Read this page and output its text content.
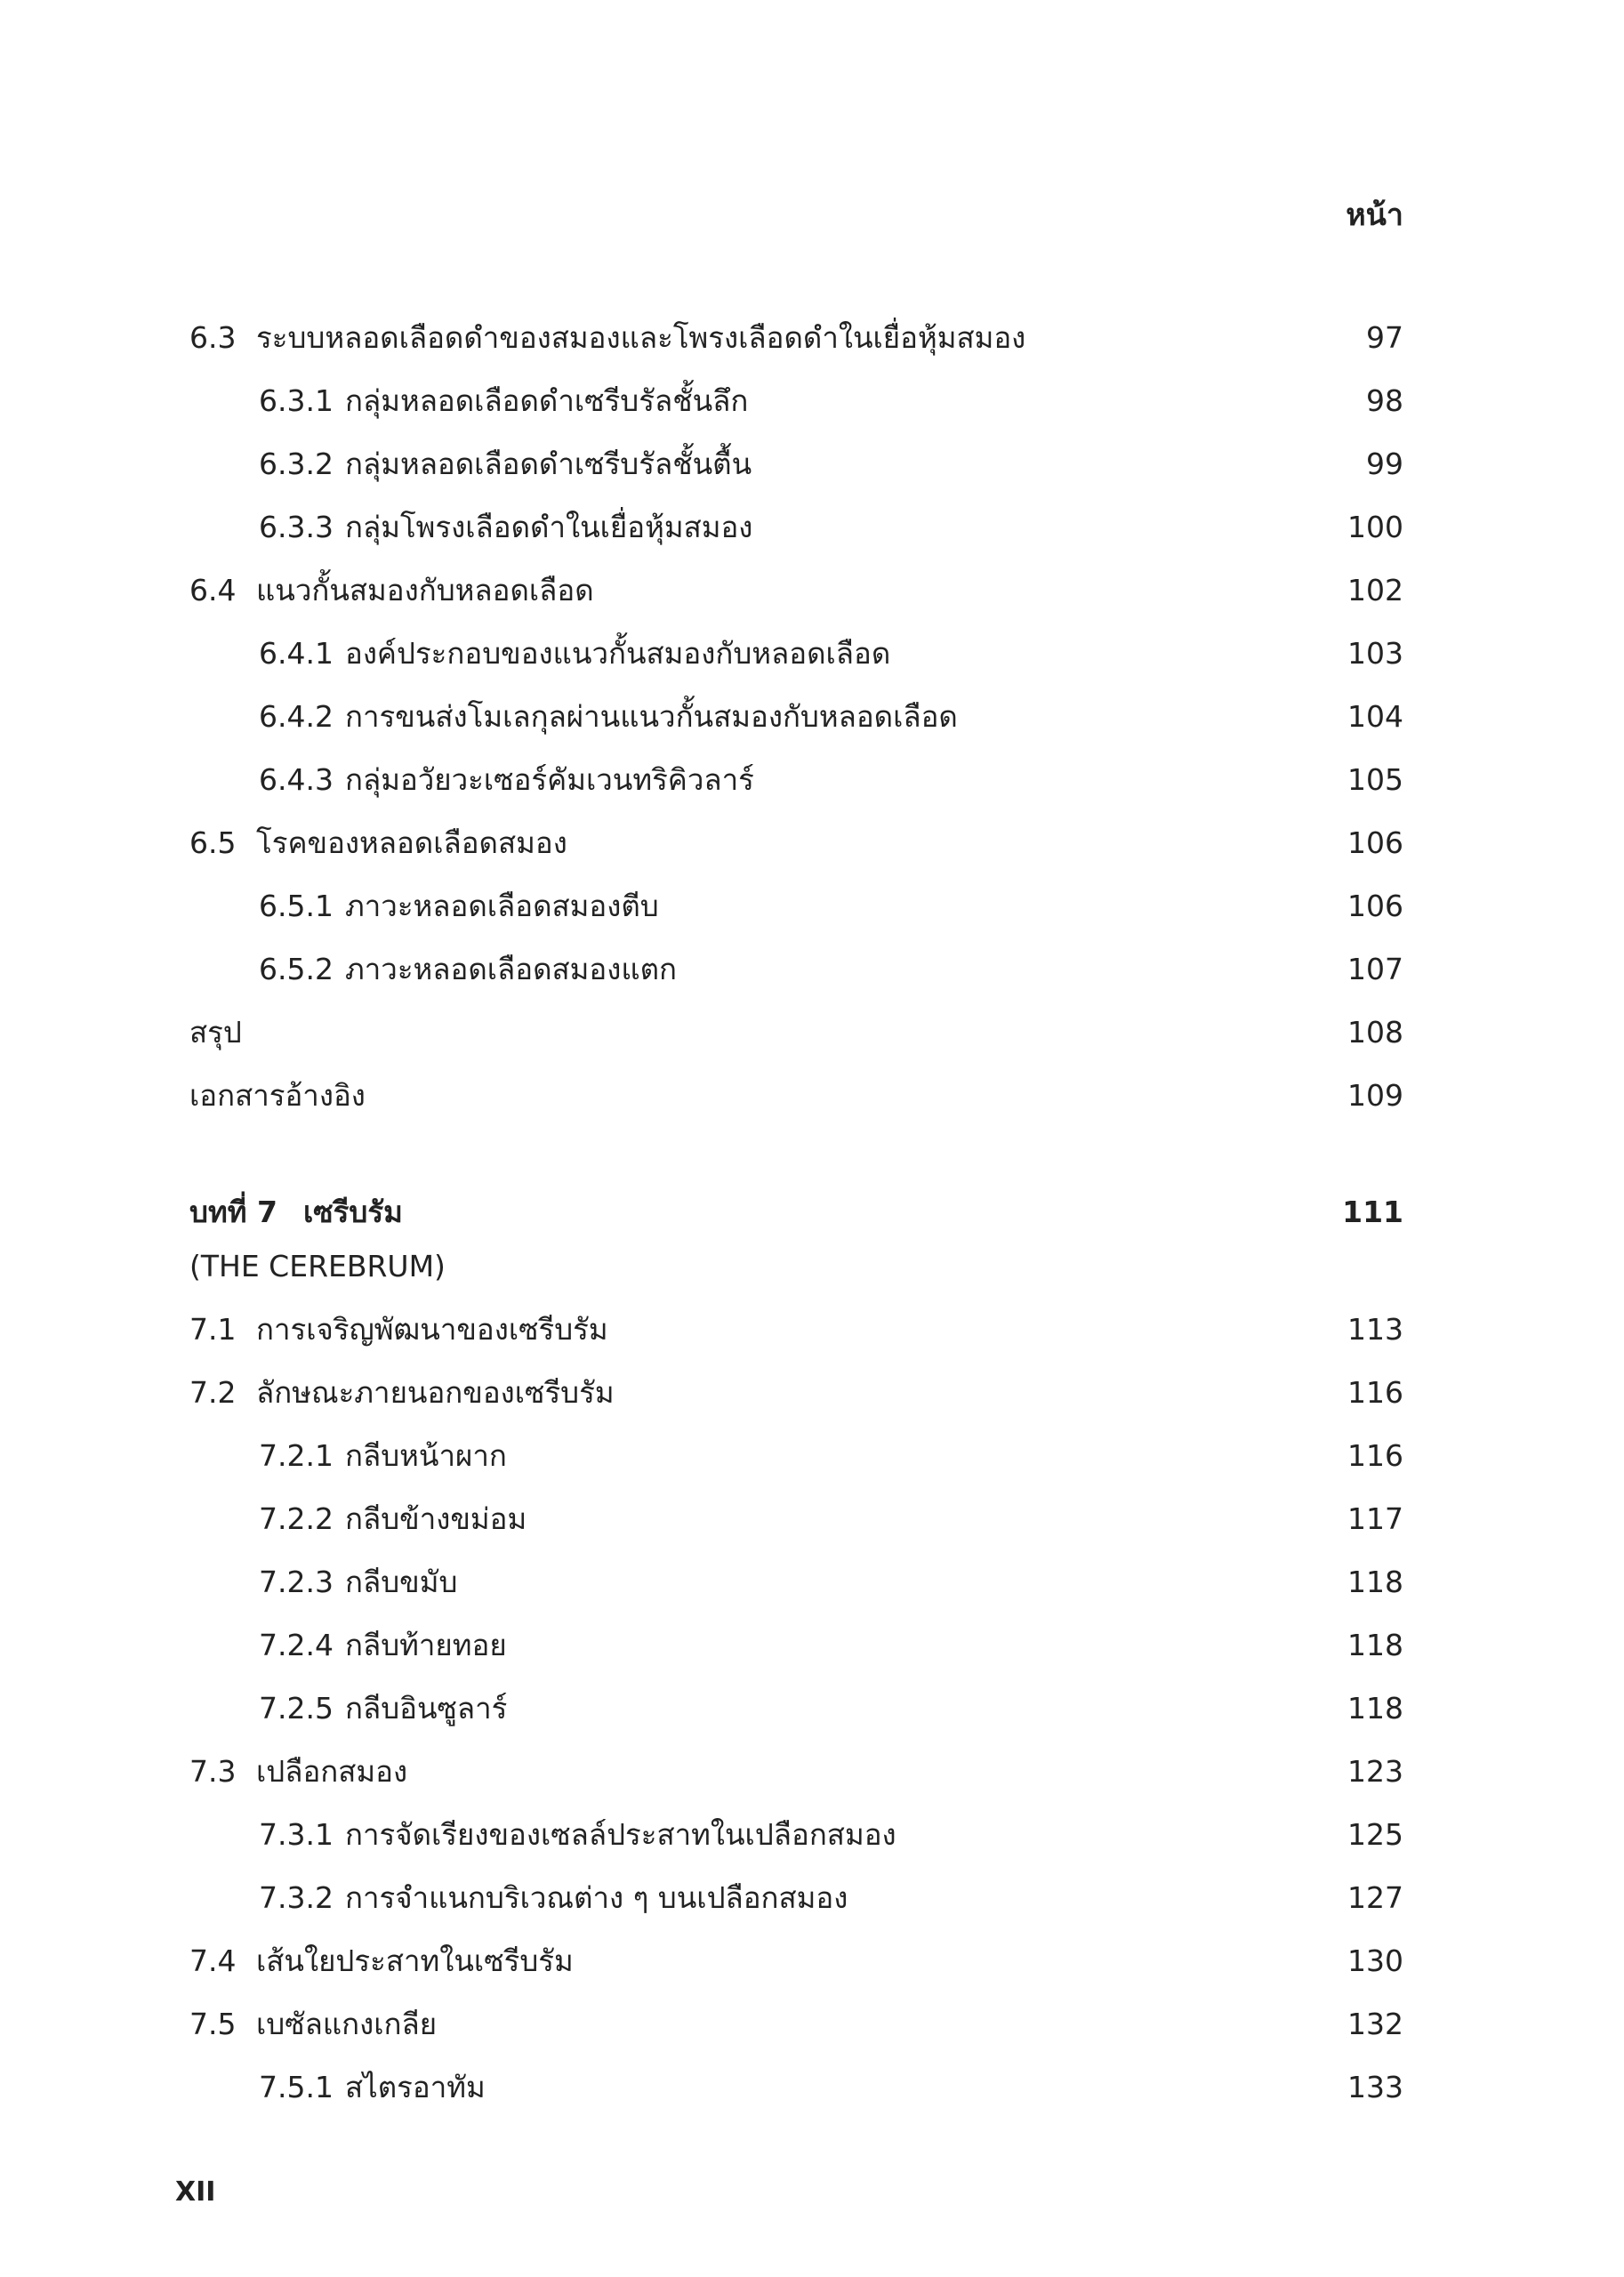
หน้า
6.3 ระบบหลอดเลือดดำของสมองและโพรงเลือดดำในเยื่อหุ้มสมอง	97
6.3.1 กลุ่มหลอดเลือดดำเซรีบรัลชั้นลึก	98
6.3.2 กลุ่มหลอดเลือดดำเซรีบรัลชั้นตื้น	99
6.3.3 กลุ่มโพรงเลือดดำในเยื่อหุ้มสมอง	100
6.4 แนวกั้นสมองกับหลอดเลือด	102
6.4.1 องค์ประกอบของแนวกั้นสมองกับหลอดเลือด	103
6.4.2 การขนส่งโมเลกุลผ่านแนวกั้นสมองกับหลอดเลือด	104
6.4.3 กลุ่มอวัยวะเซอร์คัมเวนทริคิวลาร์	105
6.5 โรคของหลอดเลือดสมอง	106
6.5.1 ภาวะหลอดเลือดสมองตีบ	106
6.5.2 ภาวะหลอดเลือดสมองแตก	107
สรุป	108
เอกสารอ้างอิง	109
บทที่ 7 เซรีบรัม	111
(THE CEREBRUM)
7.1 การเจริญพัฒนาของเซรีบรัม	113
7.2 ลักษณะภายนอกของเซรีบรัม	116
7.2.1 กลีบหน้าผาก	116
7.2.2 กลีบข้างขม่อม	117
7.2.3 กลีบขมับ	118
7.2.4 กลีบท้ายทอย	118
7.2.5 กลีบอินซูลาร์	118
7.3 เปลือกสมอง	123
7.3.1 การจัดเรียงของเซลล์ประสาทในเปลือกสมอง	125
7.3.2 การจำแนกบริเวณต่าง ๆ บนเปลือกสมอง	127
7.4 เส้นใยประสาทในเซรีบรัม	130
7.5 เบซัลแกงเกลีย	132
7.5.1 สไตรอาทัม	133
XII
